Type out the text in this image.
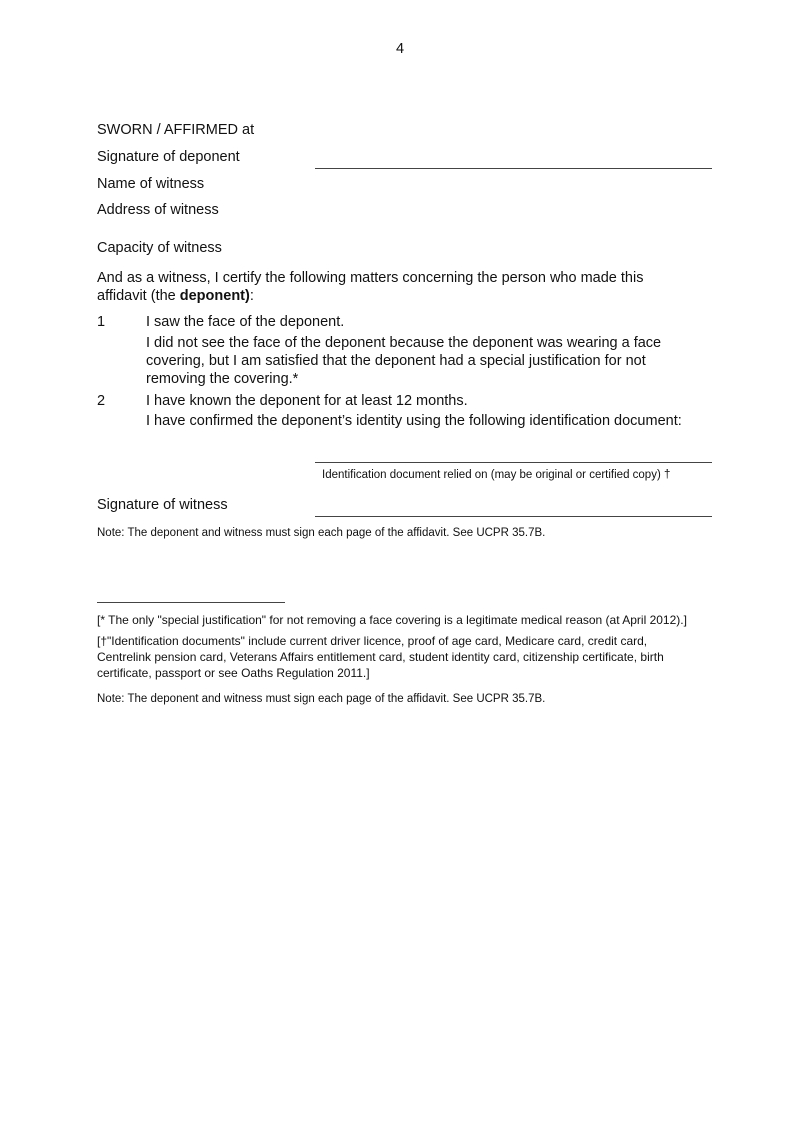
4
SWORN / AFFIRMED at
Signature of deponent
Name of witness
Address of witness
Capacity of witness
And as a witness, I certify the following matters concerning the person who made this affidavit (the deponent):
1	I saw the face of the deponent.
I did not see the face of the deponent because the deponent was wearing a face covering, but I am satisfied that the deponent had a special justification for not removing the covering.*
2	I have known the deponent for at least 12 months.
I have confirmed the deponent’s identity using the following identification document:
Identification document relied on (may be original or certified copy) †
Signature of witness
Note: The deponent and witness must sign each page of the affidavit. See UCPR 35.7B.
[* The only "special justification" for not removing a face covering is a legitimate medical reason (at April 2012).]
[†"Identification documents" include current driver licence, proof of age card, Medicare card, credit card, Centrelink pension card, Veterans Affairs entitlement card, student identity card, citizenship certificate, birth certificate, passport or see Oaths Regulation 2011.]
Note: The deponent and witness must sign each page of the affidavit. See UCPR 35.7B.
